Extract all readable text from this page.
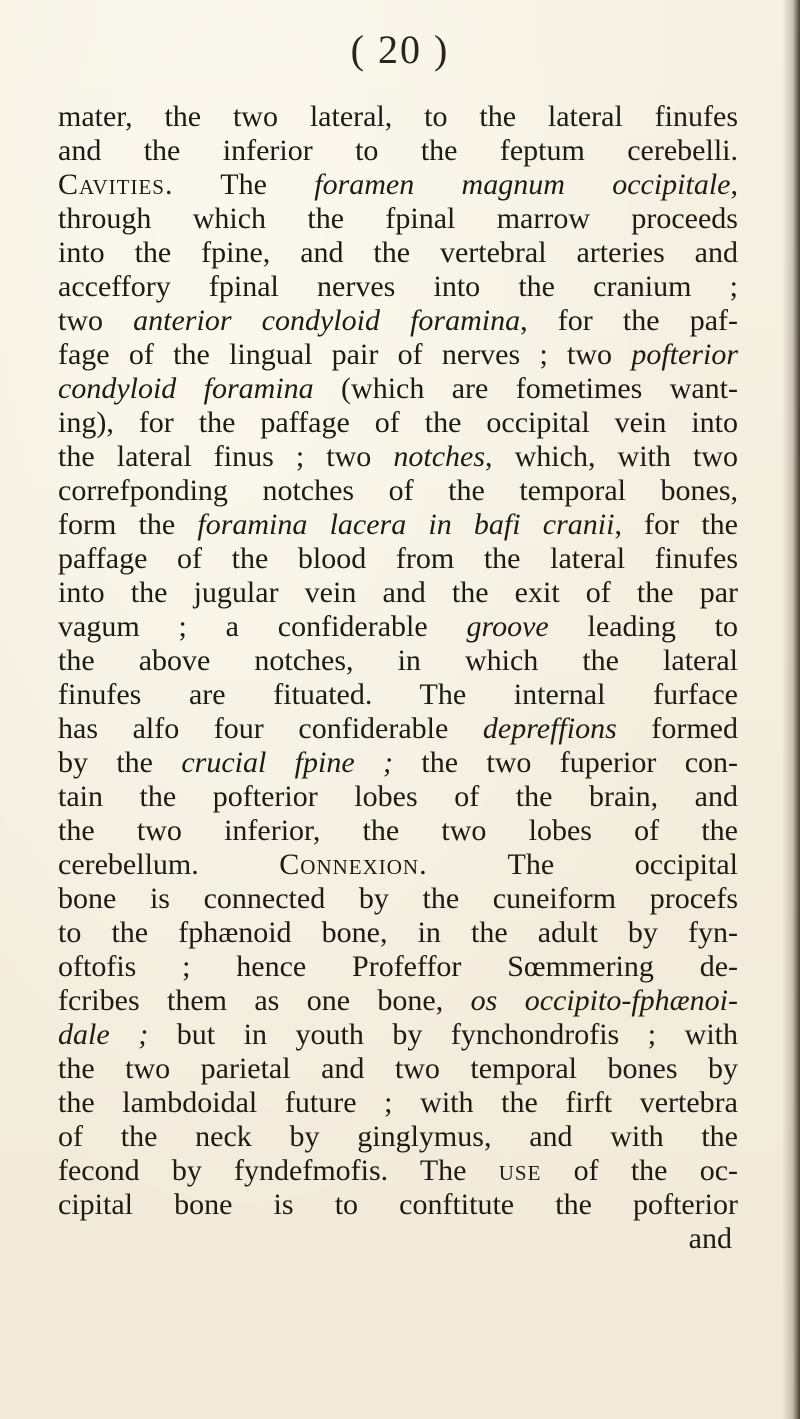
( 20 )
mater, the two lateral, to the lateral finufes
and the inferior to the feptum cerebelli.
Cavities. The foramen magnum occipitale,
through which the fpinal marrow proceeds
into the fpine, and the vertebral arteries and
acceffory fpinal nerves into the cranium ;
two anterior condyloid foramina, for the paf-
fage of the lingual pair of nerves ; two pofterior
condyloid foramina (which are fometimes want-
ing), for the paffage of the occipital vein into
the lateral finus ; two notches, which, with two
correfponding notches of the temporal bones,
form the foramina lacera in bafi cranii, for the
paffage of the blood from the lateral finufes
into the jugular vein and the exit of the par
vagum ; a confiderable groove leading to
the above notches, in which the lateral
finufes are fituated. The internal furface
has alfo four confiderable depreffions formed
by the crucial fpine ; the two fuperior con-
tain the pofterior lobes of the brain, and
the two inferior, the two lobes of the
cerebellum. Connexion. The occipital
bone is connected by the cuneiform procefs
to the fphænoid bone, in the adult by fyn-
oftofis ; hence Profeffor Sœmmering de-
fcribes them as one bone, os occipito-fphænoi-
dale ; but in youth by fynchondrofis ; with
the two parietal and two temporal bones by
the lambdoidal future ; with the firft vertebra
of the neck by ginglymus, and with the
fecond by fyndefmofis. The use of the oc-
cipital bone is to conftitute the pofterior
and
